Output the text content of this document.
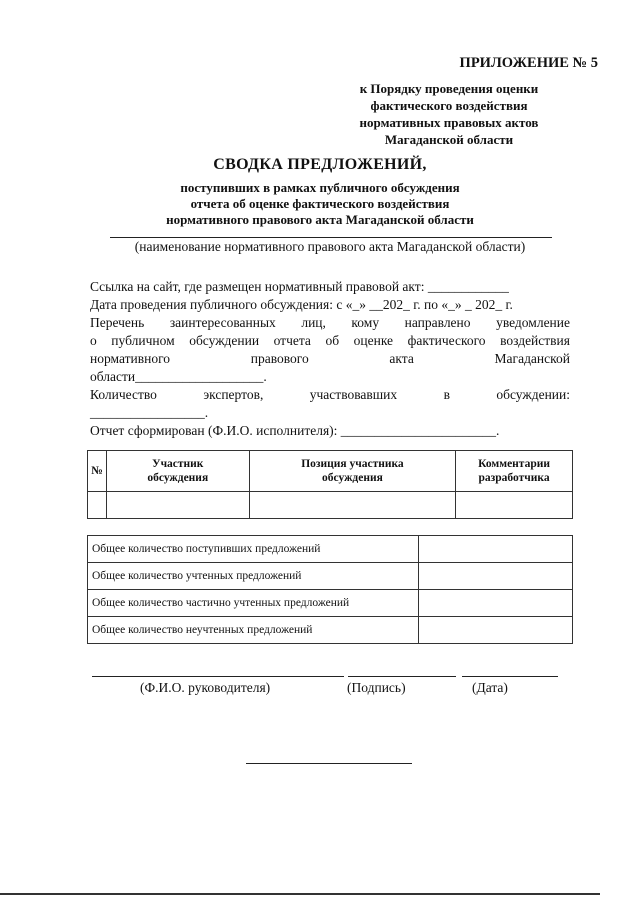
ПРИЛОЖЕНИЕ № 5
к Порядку проведения оценки
фактического воздействия
нормативных правовых актов
Магаданской области
СВОДКА ПРЕДЛОЖЕНИЙ,
поступивших в рамках публичного обсуждения
отчета об оценке фактического воздействия
нормативного правового акта Магаданской области
(наименование нормативного правового акта Магаданской области)
Ссылка на сайт, где размещен нормативный правовой акт: ____________
Дата проведения публичного обсуждения: с «_» __202_ г. по «_» _ 202_ г.
Перечень заинтересованных лиц, кому направлено уведомление
о публичном обсуждении отчета об оценке фактического воздействия
нормативного правового акта Магаданской
области___________________.
Количество экспертов, участвовавших в обсуждении:
_________________.
Отчет сформирован (Ф.И.О. исполнителя): _______________________.
№	Участник обсуждения	Позиция участника обсуждения	Комментарии разработчика

Общее количество поступивших предложений	
Общее количество учтенных предложений	
Общее количество частично учтенных предложений	
Общее количество неучтенных предложений	
(Ф.И.О. руководителя)	(Подпись)	(Дата)
